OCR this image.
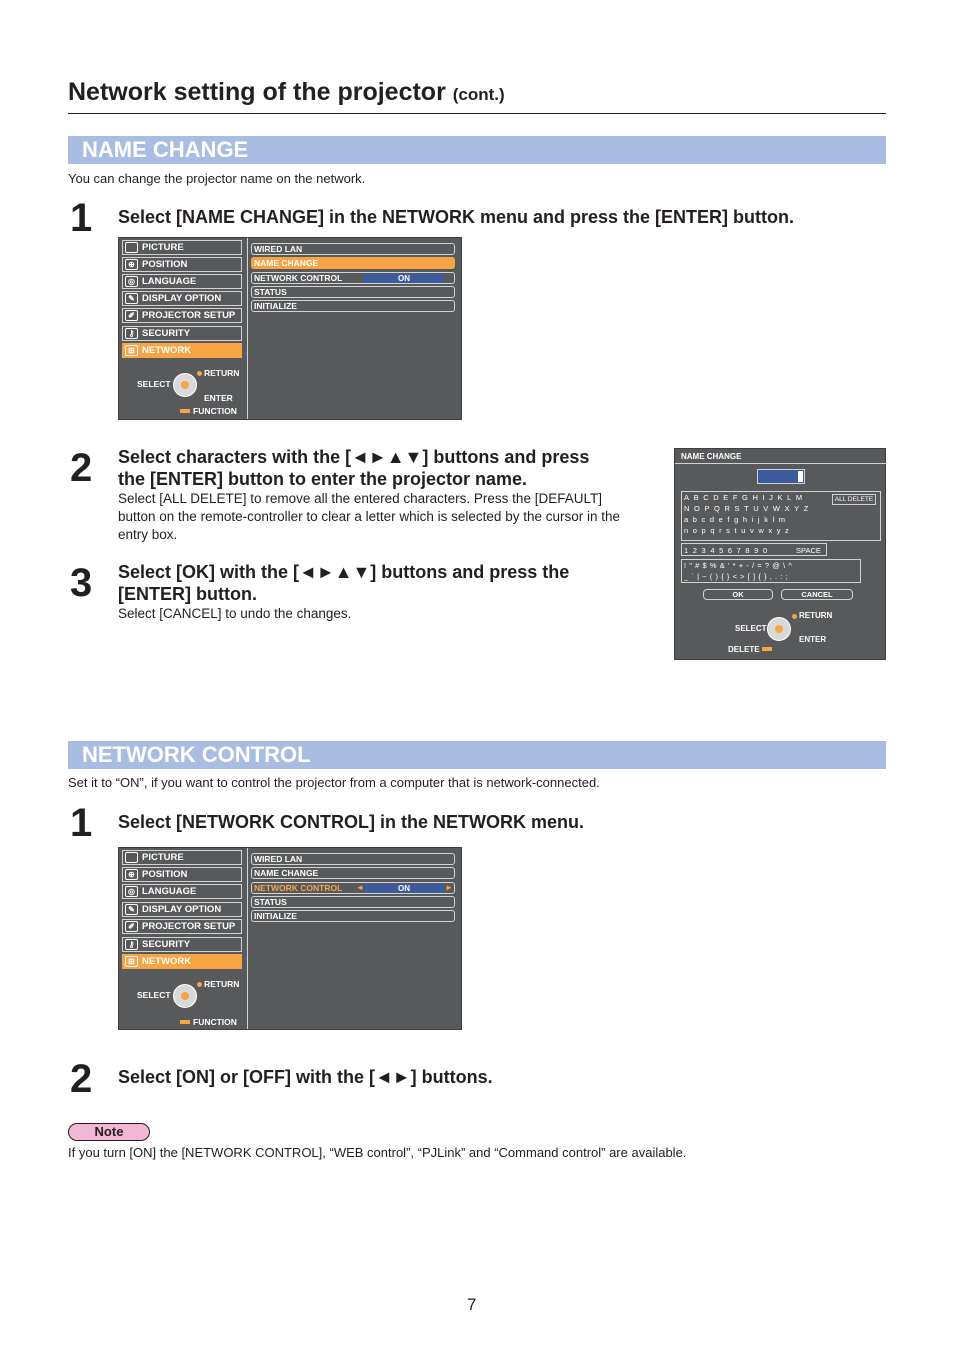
Network setting of the projector (cont.)
NAME CHANGE
You can change the projector name on the network.
1 Select [NAME CHANGE] in the NETWORK menu and press the [ENTER] button.
PICTURE
⊕ POSITION
◎ LANGUAGE
✎ DISPLAY OPTION
✐ PROJECTOR SETUP
⚷ SECURITY
⊞ NETWORK
SELECT
RETURN
ENTER
FUNCTION
WIRED LAN
NAME CHANGE
NETWORK CONTROL	ON
STATUS
INITIALIZE
2 Select characters with the [◄►▲▼] buttons and press
the [ENTER] button to enter the projector name.
Select [ALL DELETE] to remove all the entered characters. Press the [DEFAULT]
button on the remote-controller to clear a letter which is selected by the cursor in the
entry box.
3 Select [OK] with the [◄►▲▼] buttons and press the
[ENTER] button.
Select [CANCEL] to undo the changes.
NAME CHANGE
ABCDEFGHIJKLM
NOPQRSTUVWXYZ
abcdefghijklm
nopqrstuvwxyz
ALL DELETE
1234567890	SPACE
!"#$%&'*+-/=?@\^
_`|~(){}<>[]{},.:;
OK	CANCEL
RETURN
SELECT
ENTER
DELETE
NETWORK CONTROL
Set it to “ON”, if you want to control the projector from a computer that is network-connected.
1 Select [NETWORK CONTROL] in the NETWORK menu.
PICTURE
⊕ POSITION
◎ LANGUAGE
✎ DISPLAY OPTION
✐ PROJECTOR SETUP
⚷ SECURITY
⊞ NETWORK
SELECT
RETURN
FUNCTION
WIRED LAN
NAME CHANGE
NETWORK CONTROL ◄	ON	►
STATUS
INITIALIZE
2 Select [ON] or [OFF] with the [◄►] buttons.
Note
If you turn [ON] the [NETWORK CONTROL], “WEB control”, “PJLink” and “Command control” are available.
7
